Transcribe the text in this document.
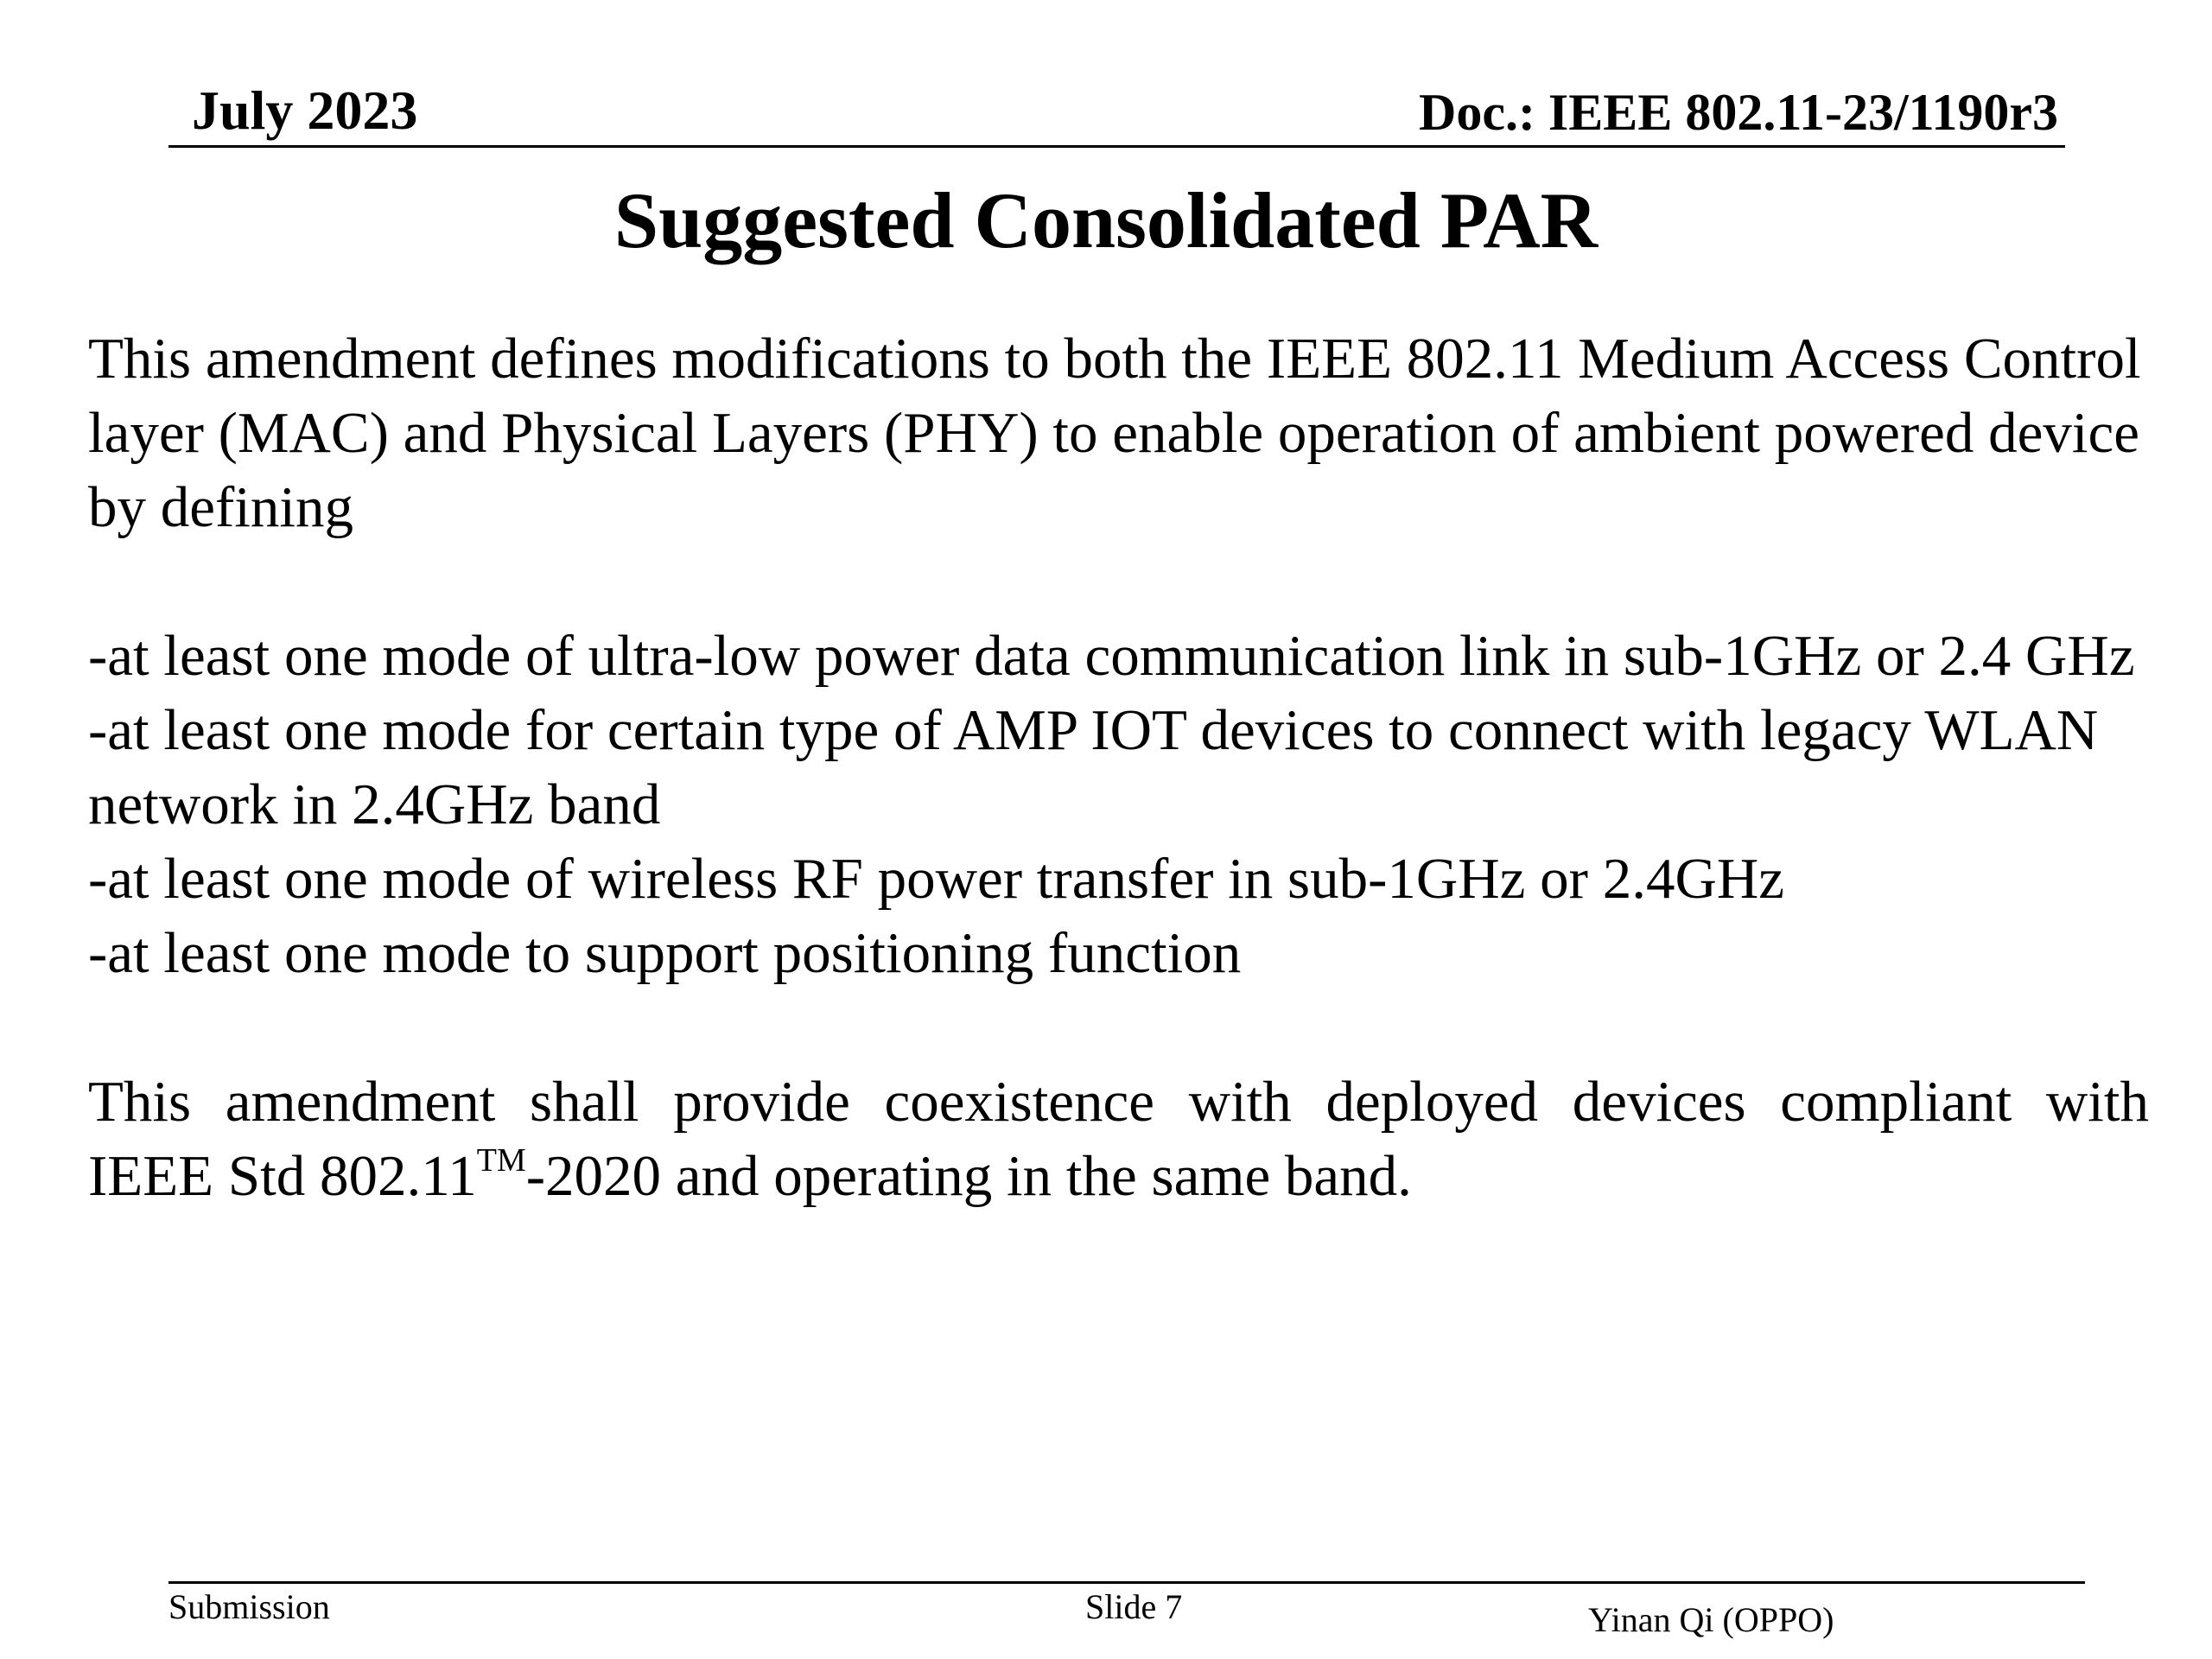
July 2023	Doc.: IEEE 802.11-23/1190r3
Suggested Consolidated PAR

This amendment defines modifications to both the IEEE 802.11 Medium Access Control layer (MAC) and Physical Layers (PHY) to enable operation of ambient powered device by defining

-at least one mode of ultra-low power data communication link in sub-1GHz or 2.4 GHz

-at least one mode for certain type of AMP IOT devices to connect with legacy WLAN network in 2.4GHz band

-at least one mode of wireless RF power transfer in sub-1GHz or 2.4GHz

-at least one mode to support positioning function

This amendment shall provide coexistence with deployed devices compliant with

IEEE Std 802.11™-2020 and operating in the same band.

Submission	Slide 7	Yinan Qi (OPPO)
